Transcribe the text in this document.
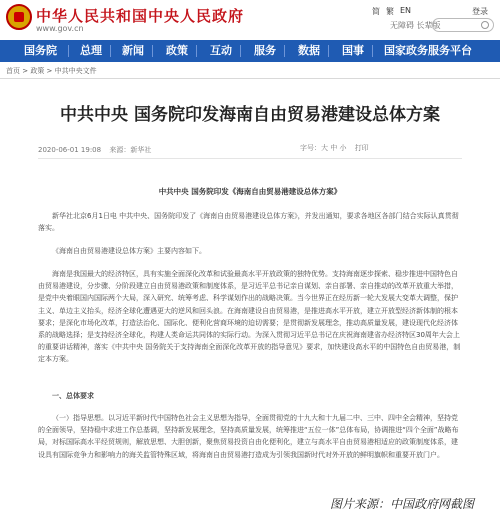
中华人民共和国中央人民政府
www.gov.cn
简 繁 EN	登录
无障碍 长辈版
国务院 总理 新闻 政策 互动 服务 数据 国事 国家政务服务平台
首页 > 政策 > 中共中央文件
中共中央 国务院印发海南自由贸易港建设总体方案
2020-06-01 19:08 来源：新华社	字号：大 中 小 打印
中共中央 国务院印发《海南自由贸易港建设总体方案》
新华社北京6月1日电 中共中央、国务院印发了《海南自由贸易港建设总体方案》，并发出通知，要求各地区各部门结合实际认真贯彻落实。
《海南自由贸易港建设总体方案》主要内容如下。
海南是我国最大的经济特区，具有实施全面深化改革和试验最高水平开放政策的独特优势。支持海南逐步探索、稳步推进中国特色自由贸易港建设，分步骤、分阶段建立自由贸易港政策和制度体系，是习近平总书记亲自谋划、亲自部署、亲自推动的改革开放重大举措，是党中央着眼国内国际两个大局，深入研究、统筹考虑、科学谋划作出的战略决策。当今世界正在经历新一轮大发展大变革大调整，保护主义、单边主义抬头，经济全球化遭遇更大的逆风和回头浪。在海南建设自由贸易港，是推进高水平开放，建立开放型经济新体制的根本要求；是深化市场化改革，打造法治化、国际化、便利化营商环境的迫切需要；是贯彻新发展理念，推动高质量发展，建设现代化经济体系的战略选择；是支持经济全球化，构建人类命运共同体的实际行动。为深入贯彻习近平总书记在庆祝海南建省办经济特区30周年大会上的重要讲话精神，落实《中共中央 国务院关于支持海南全面深化改革开放的指导意见》要求，加快建设高水平的中国特色自由贸易港，制定本方案。
一、总体要求
（一）指导思想。以习近平新时代中国特色社会主义思想为指导，全面贯彻党的十九大和十九届二中、三中、四中全会精神，坚持党的全面领导，坚持稳中求进工作总基调，坚持新发展理念，坚持高质量发展，统筹推进“五位一体”总体布局，协调推进“四个全面”战略布局，对标国际高水平经贸规则，解放思想、大胆创新，聚焦贸易投资自由化便利化，建立与高水平自由贸易港相适应的政策制度体系，建设具有国际竞争力和影响力的海关监管特殊区域，将海南自由贸易港打造成为引领我国新时代对外开放的鲜明旗帜和重要开放门户。
图片来源：中国政府网截图
